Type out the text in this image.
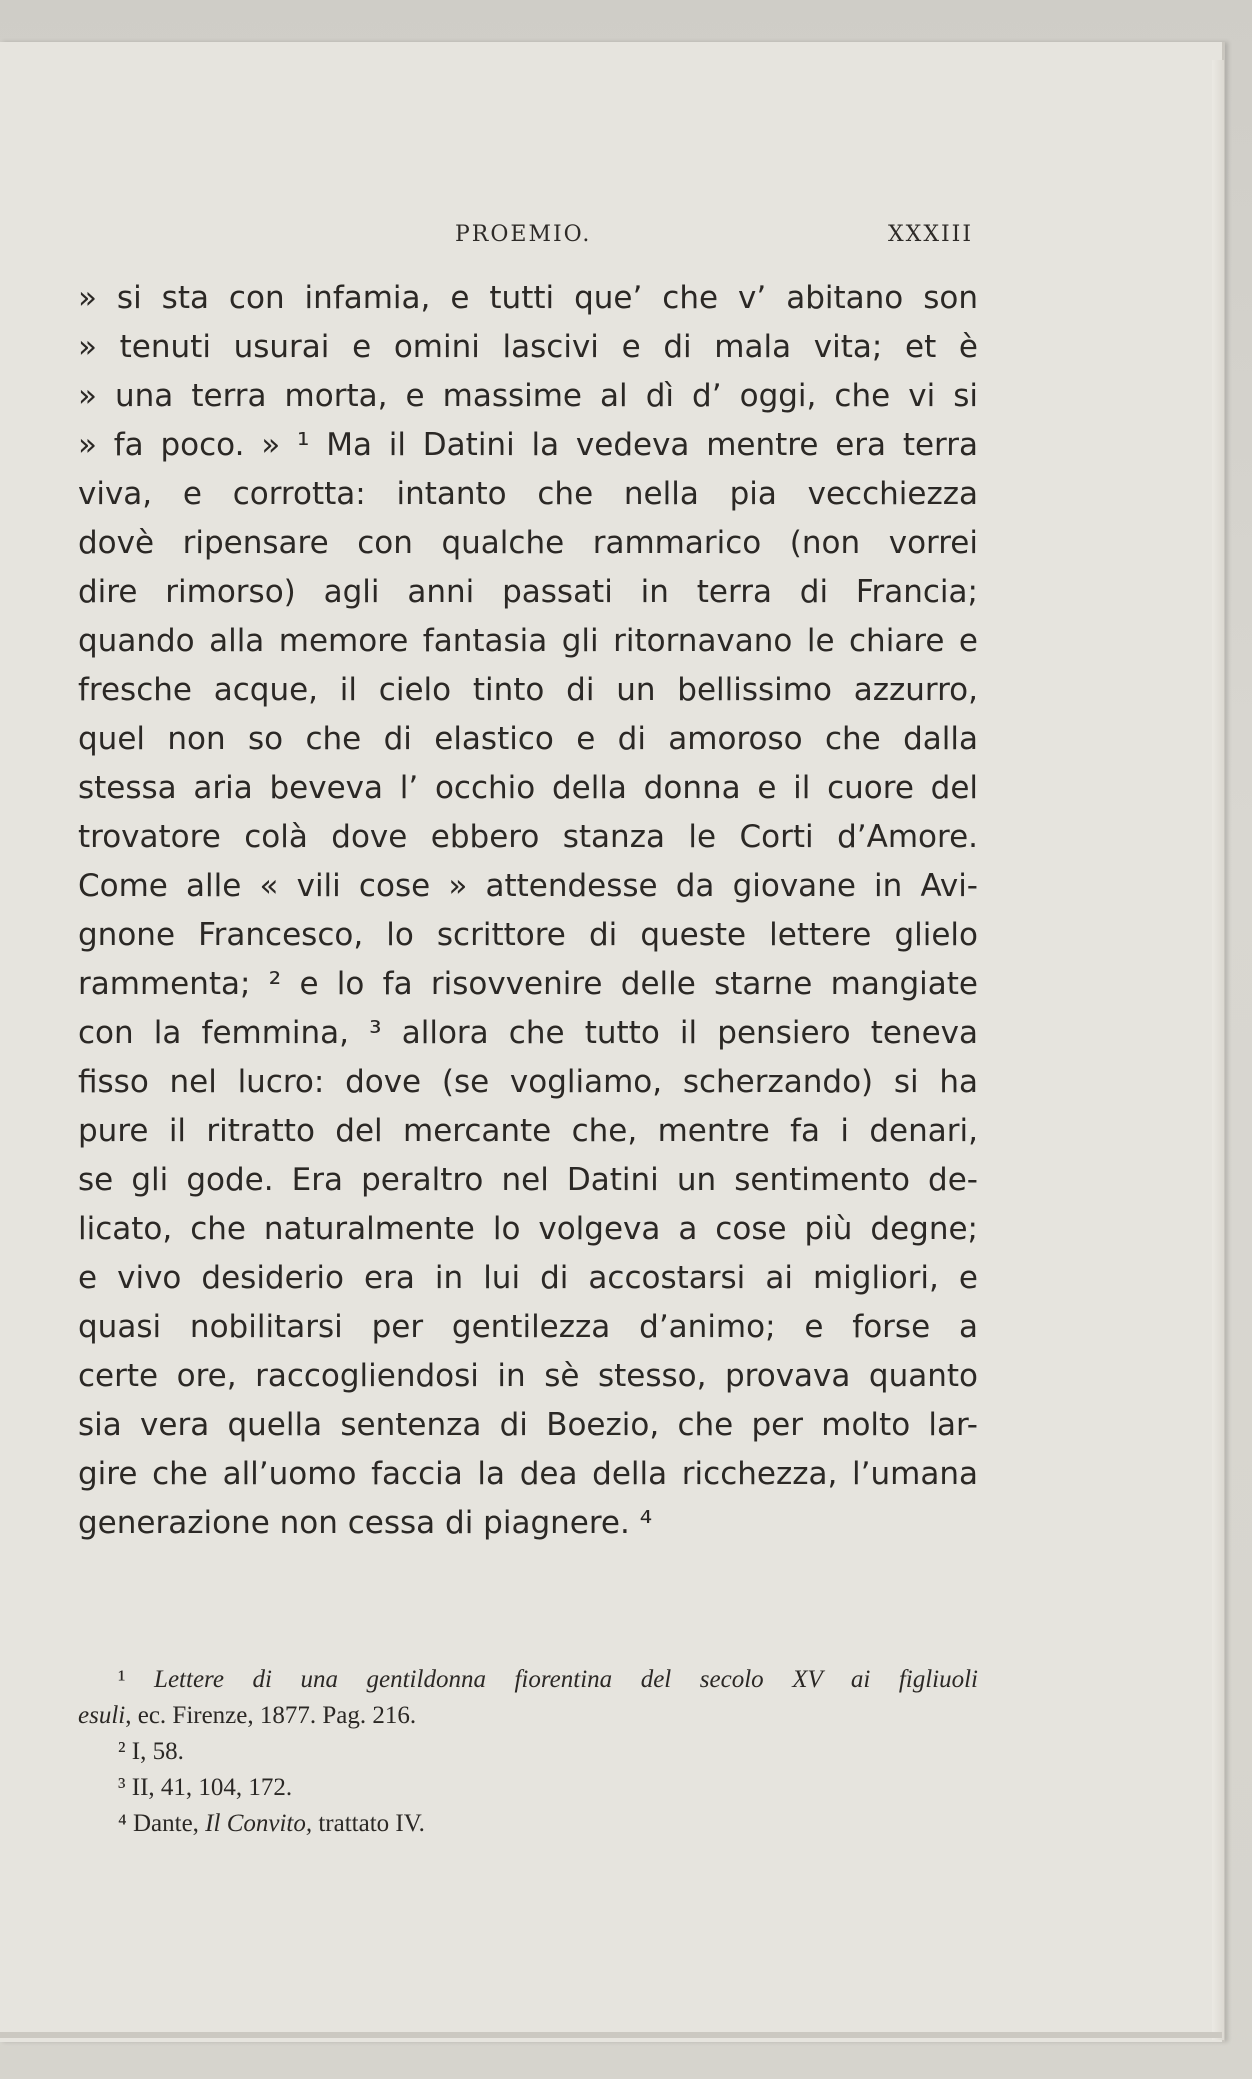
PROEMIO.	XXXIII
» si sta con infamia, e tutti que’ che v’ abitano son
» tenuti usurai e omini lascivi e di mala vita; et è
» una terra morta, e massime al dì d’ oggi, che vi si
» fa poco. » ¹ Ma il Datini la vedeva mentre era terra
viva, e corrotta: intanto che nella pia vecchiezza
dovè ripensare con qualche rammarico (non vorrei
dire rimorso) agli anni passati in terra di Francia;
quando alla memore fantasia gli ritornavano le chiare e
fresche acque, il cielo tinto di un bellissimo azzurro,
quel non so che di elastico e di amoroso che dalla
stessa aria beveva l’ occhio della donna e il cuore del
trovatore colà dove ebbero stanza le Corti d’Amore.
Come alle « vili cose » attendesse da giovane in Avi-
gnone Francesco, lo scrittore di queste lettere glielo
rammenta; ² e lo fa risovvenire delle starne mangiate
con la femmina, ³ allora che tutto il pensiero teneva
fisso nel lucro: dove (se vogliamo, scherzando) si ha
pure il ritratto del mercante che, mentre fa i denari,
se gli gode. Era peraltro nel Datini un sentimento de-
licato, che naturalmente lo volgeva a cose più degne;
e vivo desiderio era in lui di accostarsi ai migliori, e
quasi nobilitarsi per gentilezza d’animo; e forse a
certe ore, raccogliendosi in sè stesso, provava quanto
sia vera quella sentenza di Boezio, che per molto lar-
gire che all’uomo faccia la dea della ricchezza, l’umana
generazione non cessa di piagnere. ⁴
¹ Lettere di una gentildonna fiorentina del secolo XV ai figliuoli
esuli, ec. Firenze, 1877. Pag. 216.
² I, 58.
³ II, 41, 104, 172.
⁴ Dante, Il Convito, trattato IV.
